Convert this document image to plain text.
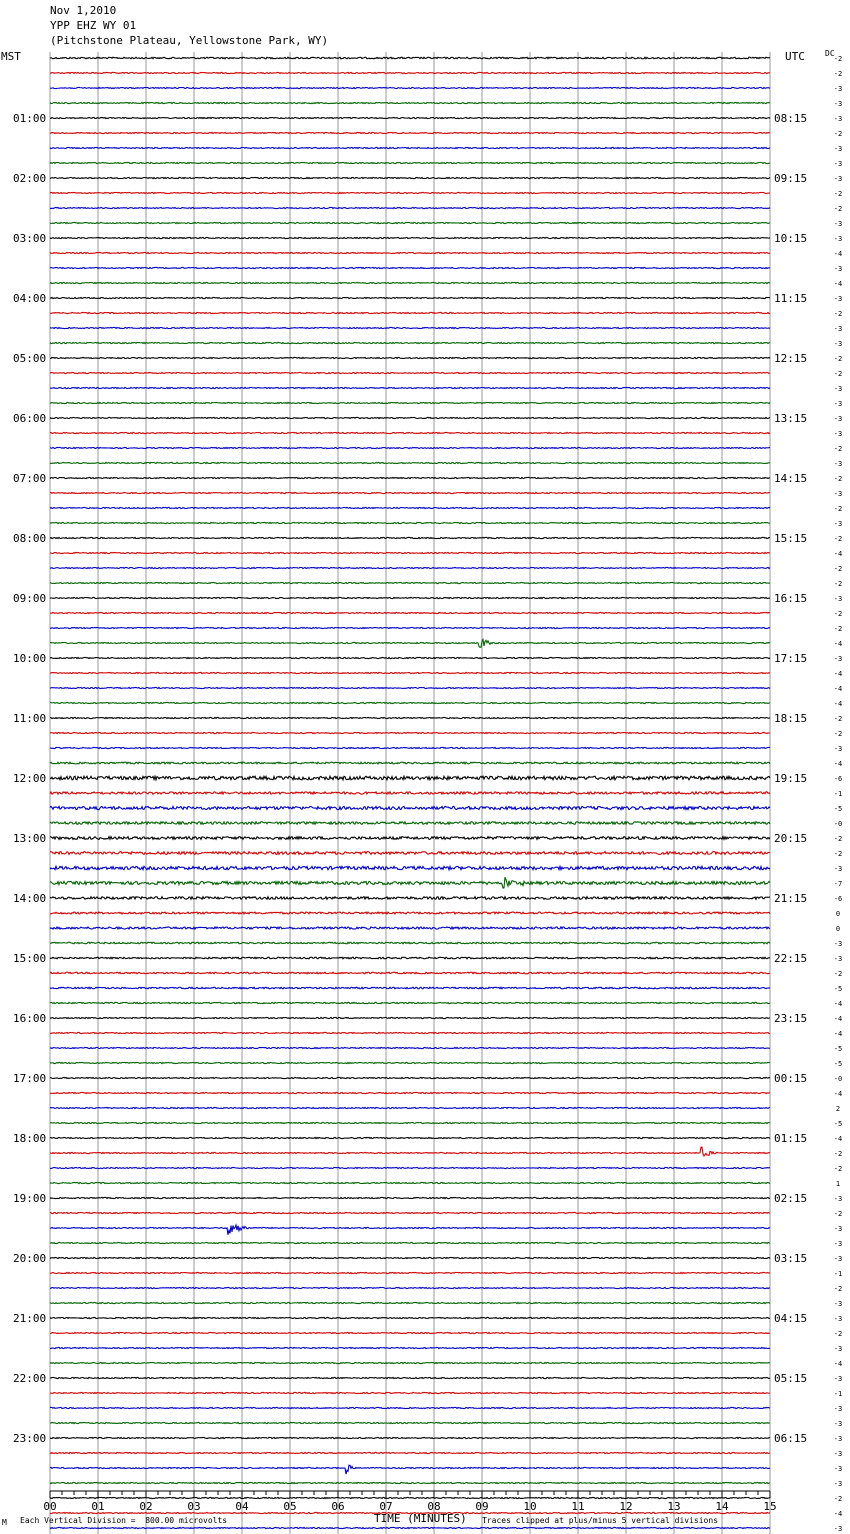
Nov 1,2010
YPP EHZ WY 01
(Pitchstone Plateau, Yellowstone Park, WY)
MST	UTC	DC
-2
-2
-3
-3
-3
-2
-3
-3
-3
-2
-2
-3
-3
-4
-3
-4
-3
-2
-3
-3
-2
-2
-3
-3
-3
-3
-2
-3
-2
-3
-2
-3
-2
-4
-2
-2
-3
-2
-2
-4
-3
-4
-4
-4
-2
-2
-3
-4
-6
-1
-5
-0
-2
-2
-3
-7
-6
0
0
-3
-3
-2
-5
-4
-4
-4
-5
-5
-0
-4
2
-5
-4
-2
-2
1
-3
-2
-3
-3
-3
-1
-2
-3
-3
-2
-3
-4
-3
-1
-3
-3
-3
-3
-3
-3
-2
-4
-3
01:00
02:00
03:00
04:00
05:00
06:00
07:00
08:00
09:00
10:00
11:00
12:00
13:00
14:00
15:00
16:00
17:00
18:00
19:00
20:00
21:00
22:00
23:00
08:15
09:15
10:15
11:15
12:15
13:15
14:15
15:15
16:15
17:15
18:15
19:15
20:15
21:15
22:15
23:15
00:15
01:15
02:15
03:15
04:15
05:15
06:15
00	01	02	03	04	05	06	07	08	09	10	11	12	13	14	15
M Each Vertical Division =  800.00 microvolts	TIME (MINUTES) Traces clipped at plus/minus 5 vertical divisions
